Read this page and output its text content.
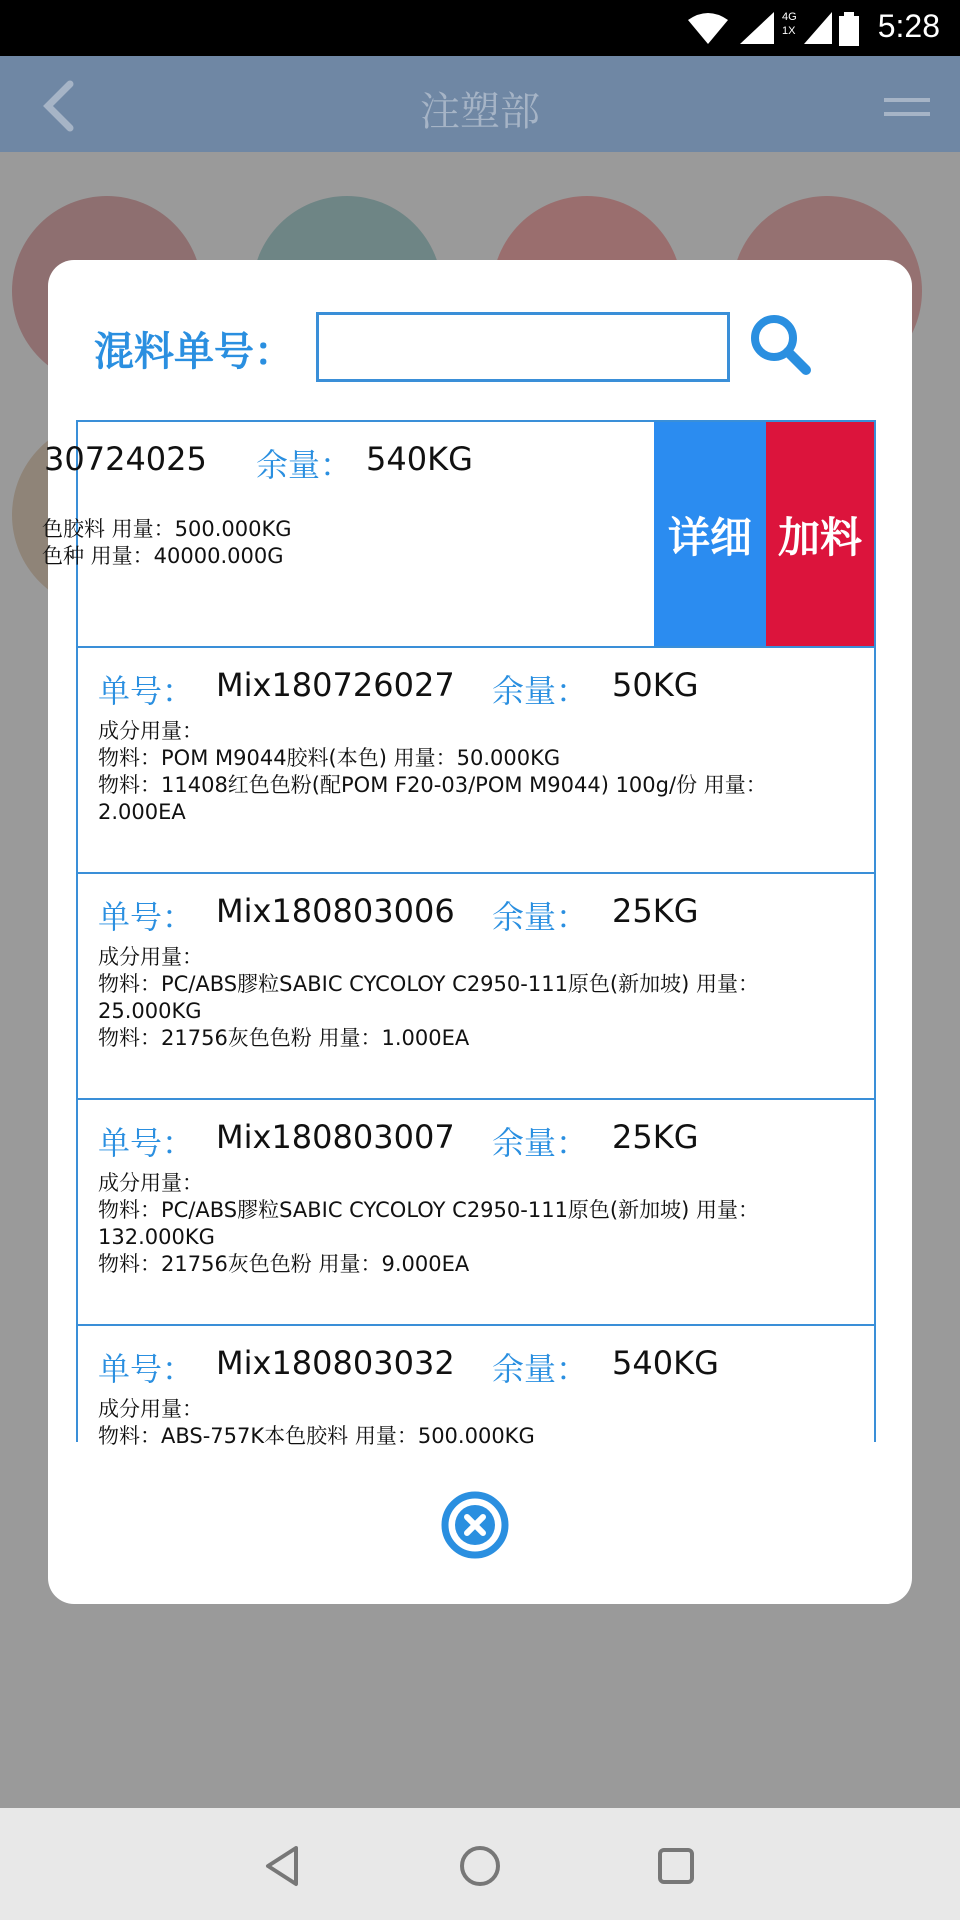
4G
1X	5:28
注塑部
混料单号：
30724025 余量： 540KG
色胶料 用量：500.000KG
色种 用量：40000.000G	详细 加料
单号： Mix180726027 余量： 50KG
成分用量：
物料：POM M9044胶料(本色) 用量：50.000KG
物料：11408红色色粉(配POM F20-03/POM M9044) 100g/份 用量：2.000EA
单号： Mix180803006 余量： 25KG
成分用量：
物料：PC/ABS膠粒SABIC CYCOLOY C2950-111原色(新加坡) 用量：25.000KG
物料：21756灰色色粉 用量：1.000EA
单号： Mix180803007 余量： 25KG
成分用量：
物料：PC/ABS膠粒SABIC CYCOLOY C2950-111原色(新加坡) 用量：132.000KG
物料：21756灰色色粉 用量：9.000EA
单号： Mix180803032 余量： 540KG
成分用量：
物料：ABS-757K本色胶料 用量：500.000KG
